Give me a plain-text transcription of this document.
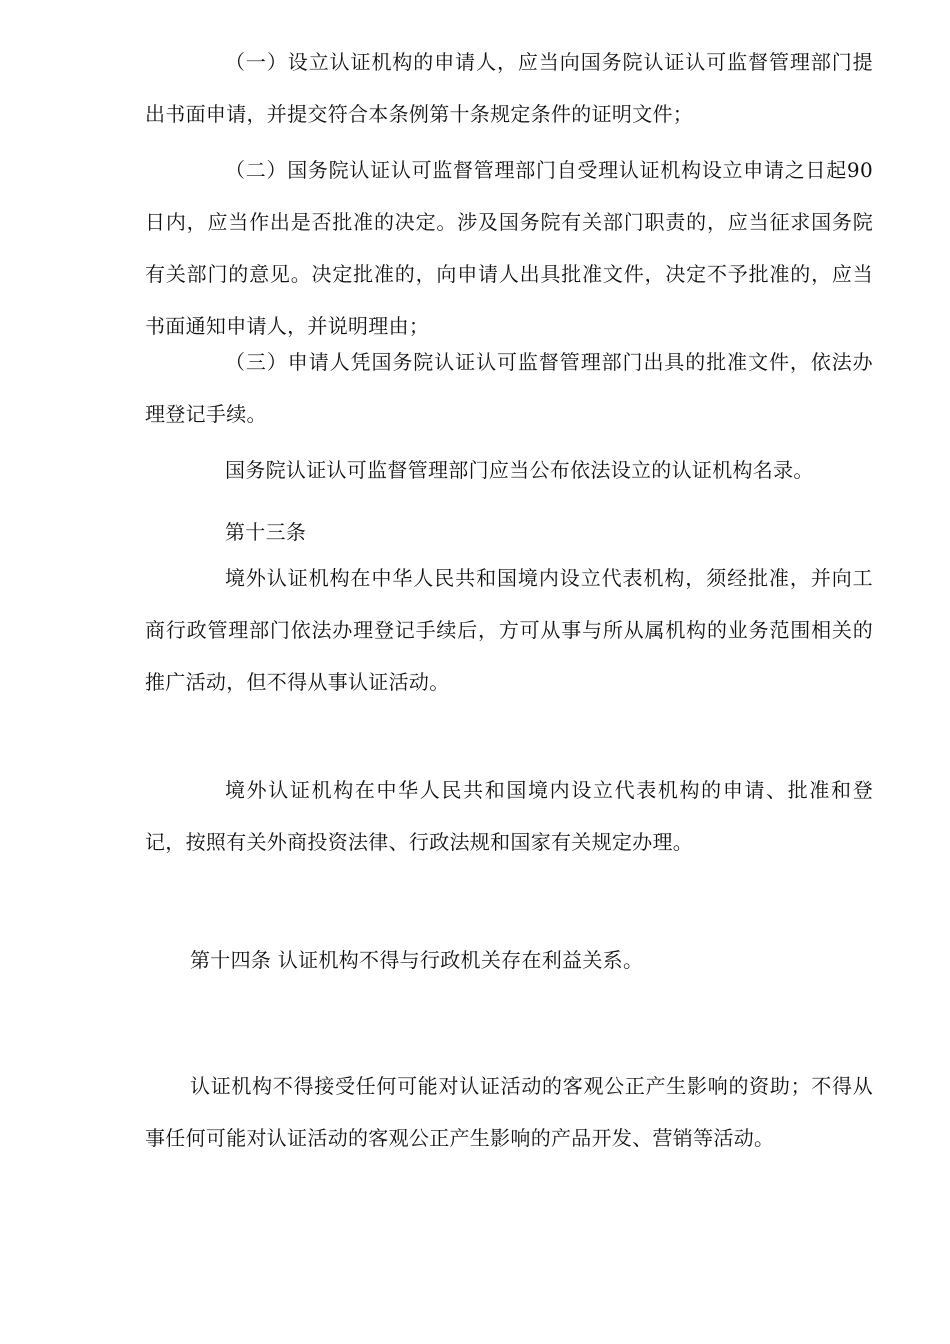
（一）设立认证机构的申请人，应当向国务院认证认可监督管理部门提出书面申请，并提交符合本条例第十条规定条件的证明文件；

（二）国务院认证认可监督管理部门自受理认证机构设立申请之日起90日内，应当作出是否批准的决定。涉及国务院有关部门职责的，应当征求国务院有关部门的意见。决定批准的，向申请人出具批准文件，决定不予批准的，应当书面通知申请人，并说明理由；

（三）申请人凭国务院认证认可监督管理部门出具的批准文件，依法办理登记手续。

国务院认证认可监督管理部门应当公布依法设立的认证机构名录。

第十三条

境外认证机构在中华人民共和国境内设立代表机构，须经批准，并向工商行政管理部门依法办理登记手续后，方可从事与所从属机构的业务范围相关的推广活动，但不得从事认证活动。

境外认证机构在中华人民共和国境内设立代表机构的申请、批准和登记，按照有关外商投资法律、行政法规和国家有关规定办理。

第十四条 认证机构不得与行政机关存在利益关系。

认证机构不得接受任何可能对认证活动的客观公正产生影响的资助；不得从事任何可能对认证活动的客观公正产生影响的产品开发、营销等活动。
